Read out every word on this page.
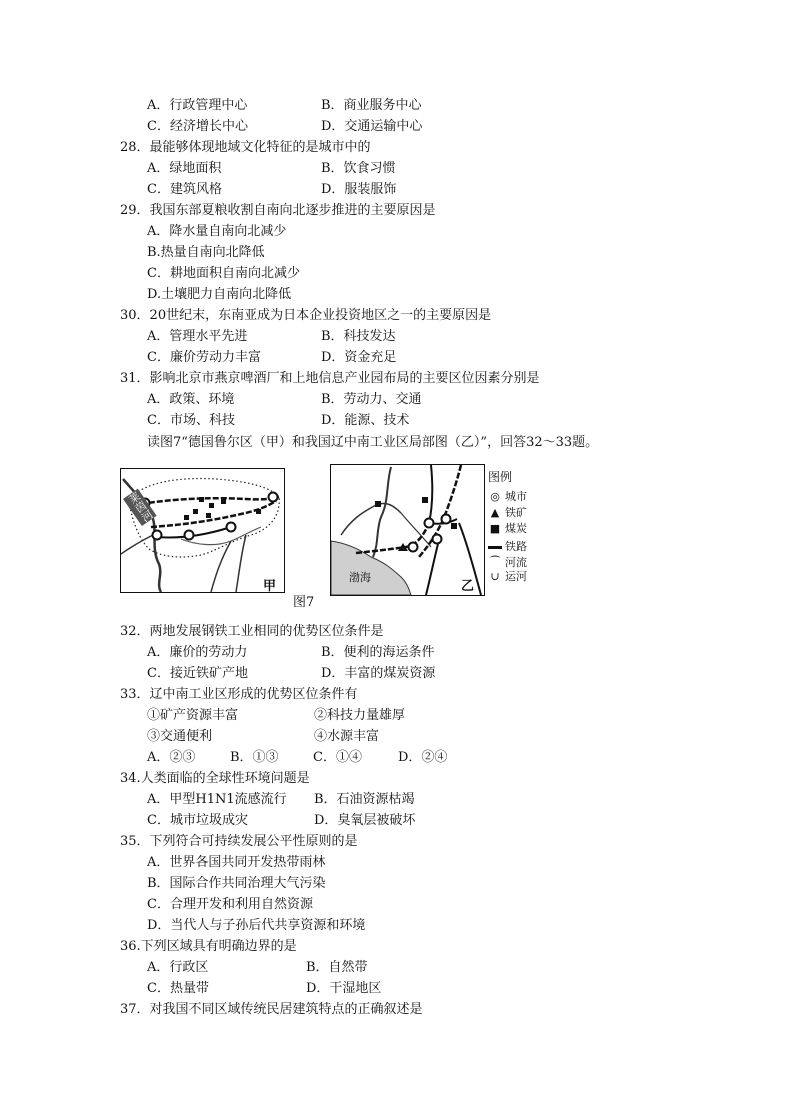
A．行政管理中心	B．商业服务中心
C．经济增长中心	D．交通运输中心
28．最能够体现地域文化特征的是城市中的
A．绿地面积	B．饮食习惯
C．建筑风格	D．服装服饰
29．我国东部夏粮收割自南向北逐步推进的主要原因是
A．降水量自南向北减少
B.热量自南向北降低
C．耕地面积自南向北减少
D.土壤肥力自南向北降低
30．20世纪末，东南亚成为日本企业投资地区之一的主要原因是
A．管理水平先进	B．科技发达
C．廉价劳动力丰富	D．资金充足
31．影响北京市燕京啤酒厂和上地信息产业园布局的主要区位因素分别是
A．政策、环境	B．劳动力、交通
C．市场、科技	D．能源、技术
读图7“德国鲁尔区（甲）和我国辽中南工业区局部图（乙）”，回答32～33题。
莱茵河
甲
渤海
乙
图例
◎ 城市
▲ 铁矿
■ 煤炭
铁路
⁀ 河流
∪ 运河
图7
32．两地发展钢铁工业相同的优势区位条件是
A．廉价的劳动力	B．便利的海运条件
C．接近铁矿产地	D．丰富的煤炭资源
33．辽中南工业区形成的优势区位条件有
①矿产资源丰富	②科技力量雄厚
③交通便利	④水源丰富
A．②③	B．①③	C．①④	D．②④
34.人类面临的全球性环境问题是
A．甲型H1N1流感流行 B．石油资源枯竭
C．城市垃圾成灾	D．臭氧层被破坏
35．下列符合可持续发展公平性原则的是
A．世界各国共同开发热带雨林
B．国际合作共同治理大气污染
C．合理开发和利用自然资源
D．当代人与子孙后代共享资源和环境
36.下列区域具有明确边界的是
A．行政区	B．自然带
C．热量带	D．干湿地区
37．对我国不同区域传统民居建筑特点的正确叙述是
